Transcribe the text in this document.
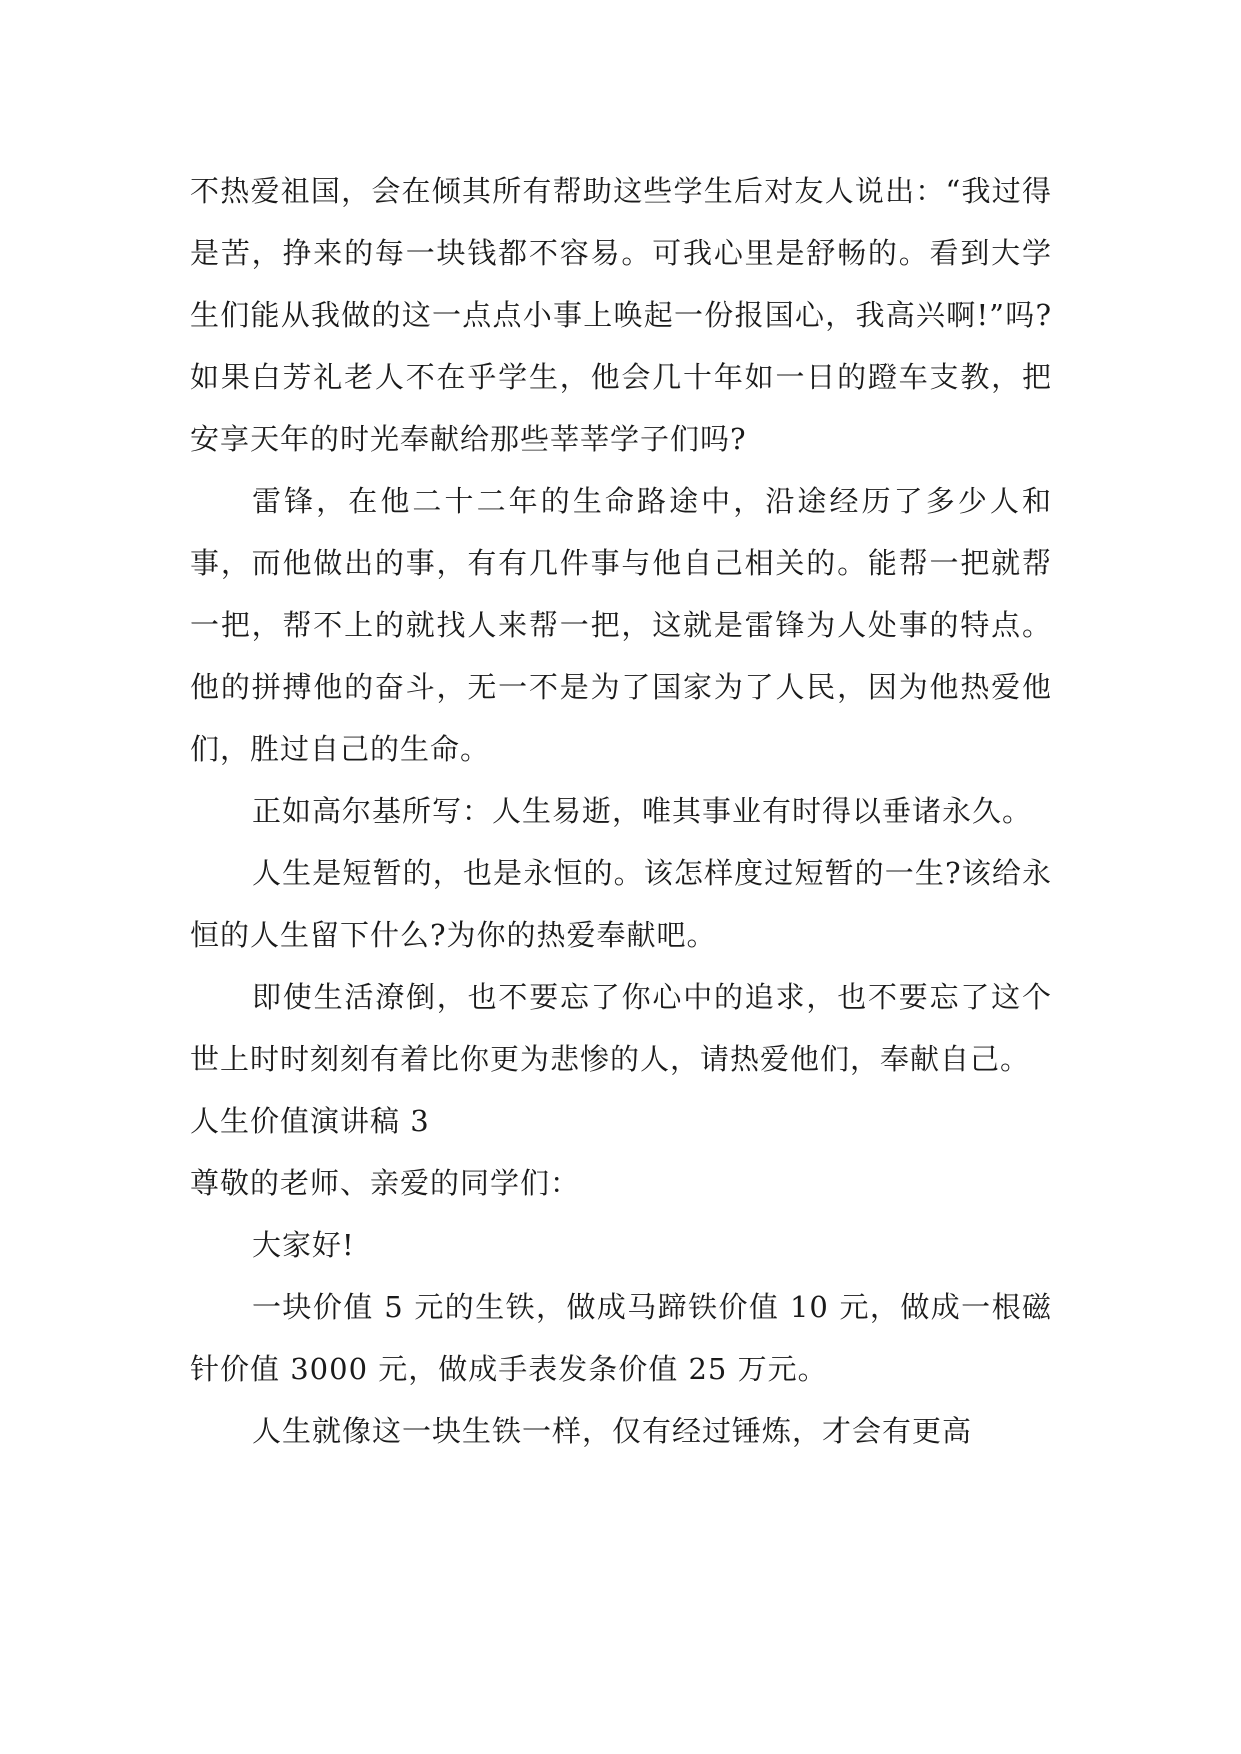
不热爱祖国，会在倾其所有帮助这些学生后对友人说出：“我过得是苦，挣来的每一块钱都不容易。可我心里是舒畅的。看到大学生们能从我做的这一点点小事上唤起一份报国心，我高兴啊!”吗?如果白芳礼老人不在乎学生，他会几十年如一日的蹬车支教，把安享天年的时光奉献给那些莘莘学子们吗?

雷锋，在他二十二年的生命路途中，沿途经历了多少人和事，而他做出的事，有有几件事与他自己相关的。能帮一把就帮一把，帮不上的就找人来帮一把，这就是雷锋为人处事的特点。他的拼搏他的奋斗，无一不是为了国家为了人民，因为他热爱他们，胜过自己的生命。

正如高尔基所写：人生易逝，唯其事业有时得以垂诸永久。

人生是短暂的，也是永恒的。该怎样度过短暂的一生?该给永恒的人生留下什么?为你的热爱奉献吧。

即使生活潦倒，也不要忘了你心中的追求，也不要忘了这个世上时时刻刻有着比你更为悲惨的人，请热爱他们，奉献自己。

人生价值演讲稿 3

尊敬的老师、亲爱的同学们：

大家好!

一块价值 5 元的生铁，做成马蹄铁价值 10 元，做成一根磁针价值 3000 元，做成手表发条价值 25 万元。

人生就像这一块生铁一样，仅有经过锤炼，才会有更高
